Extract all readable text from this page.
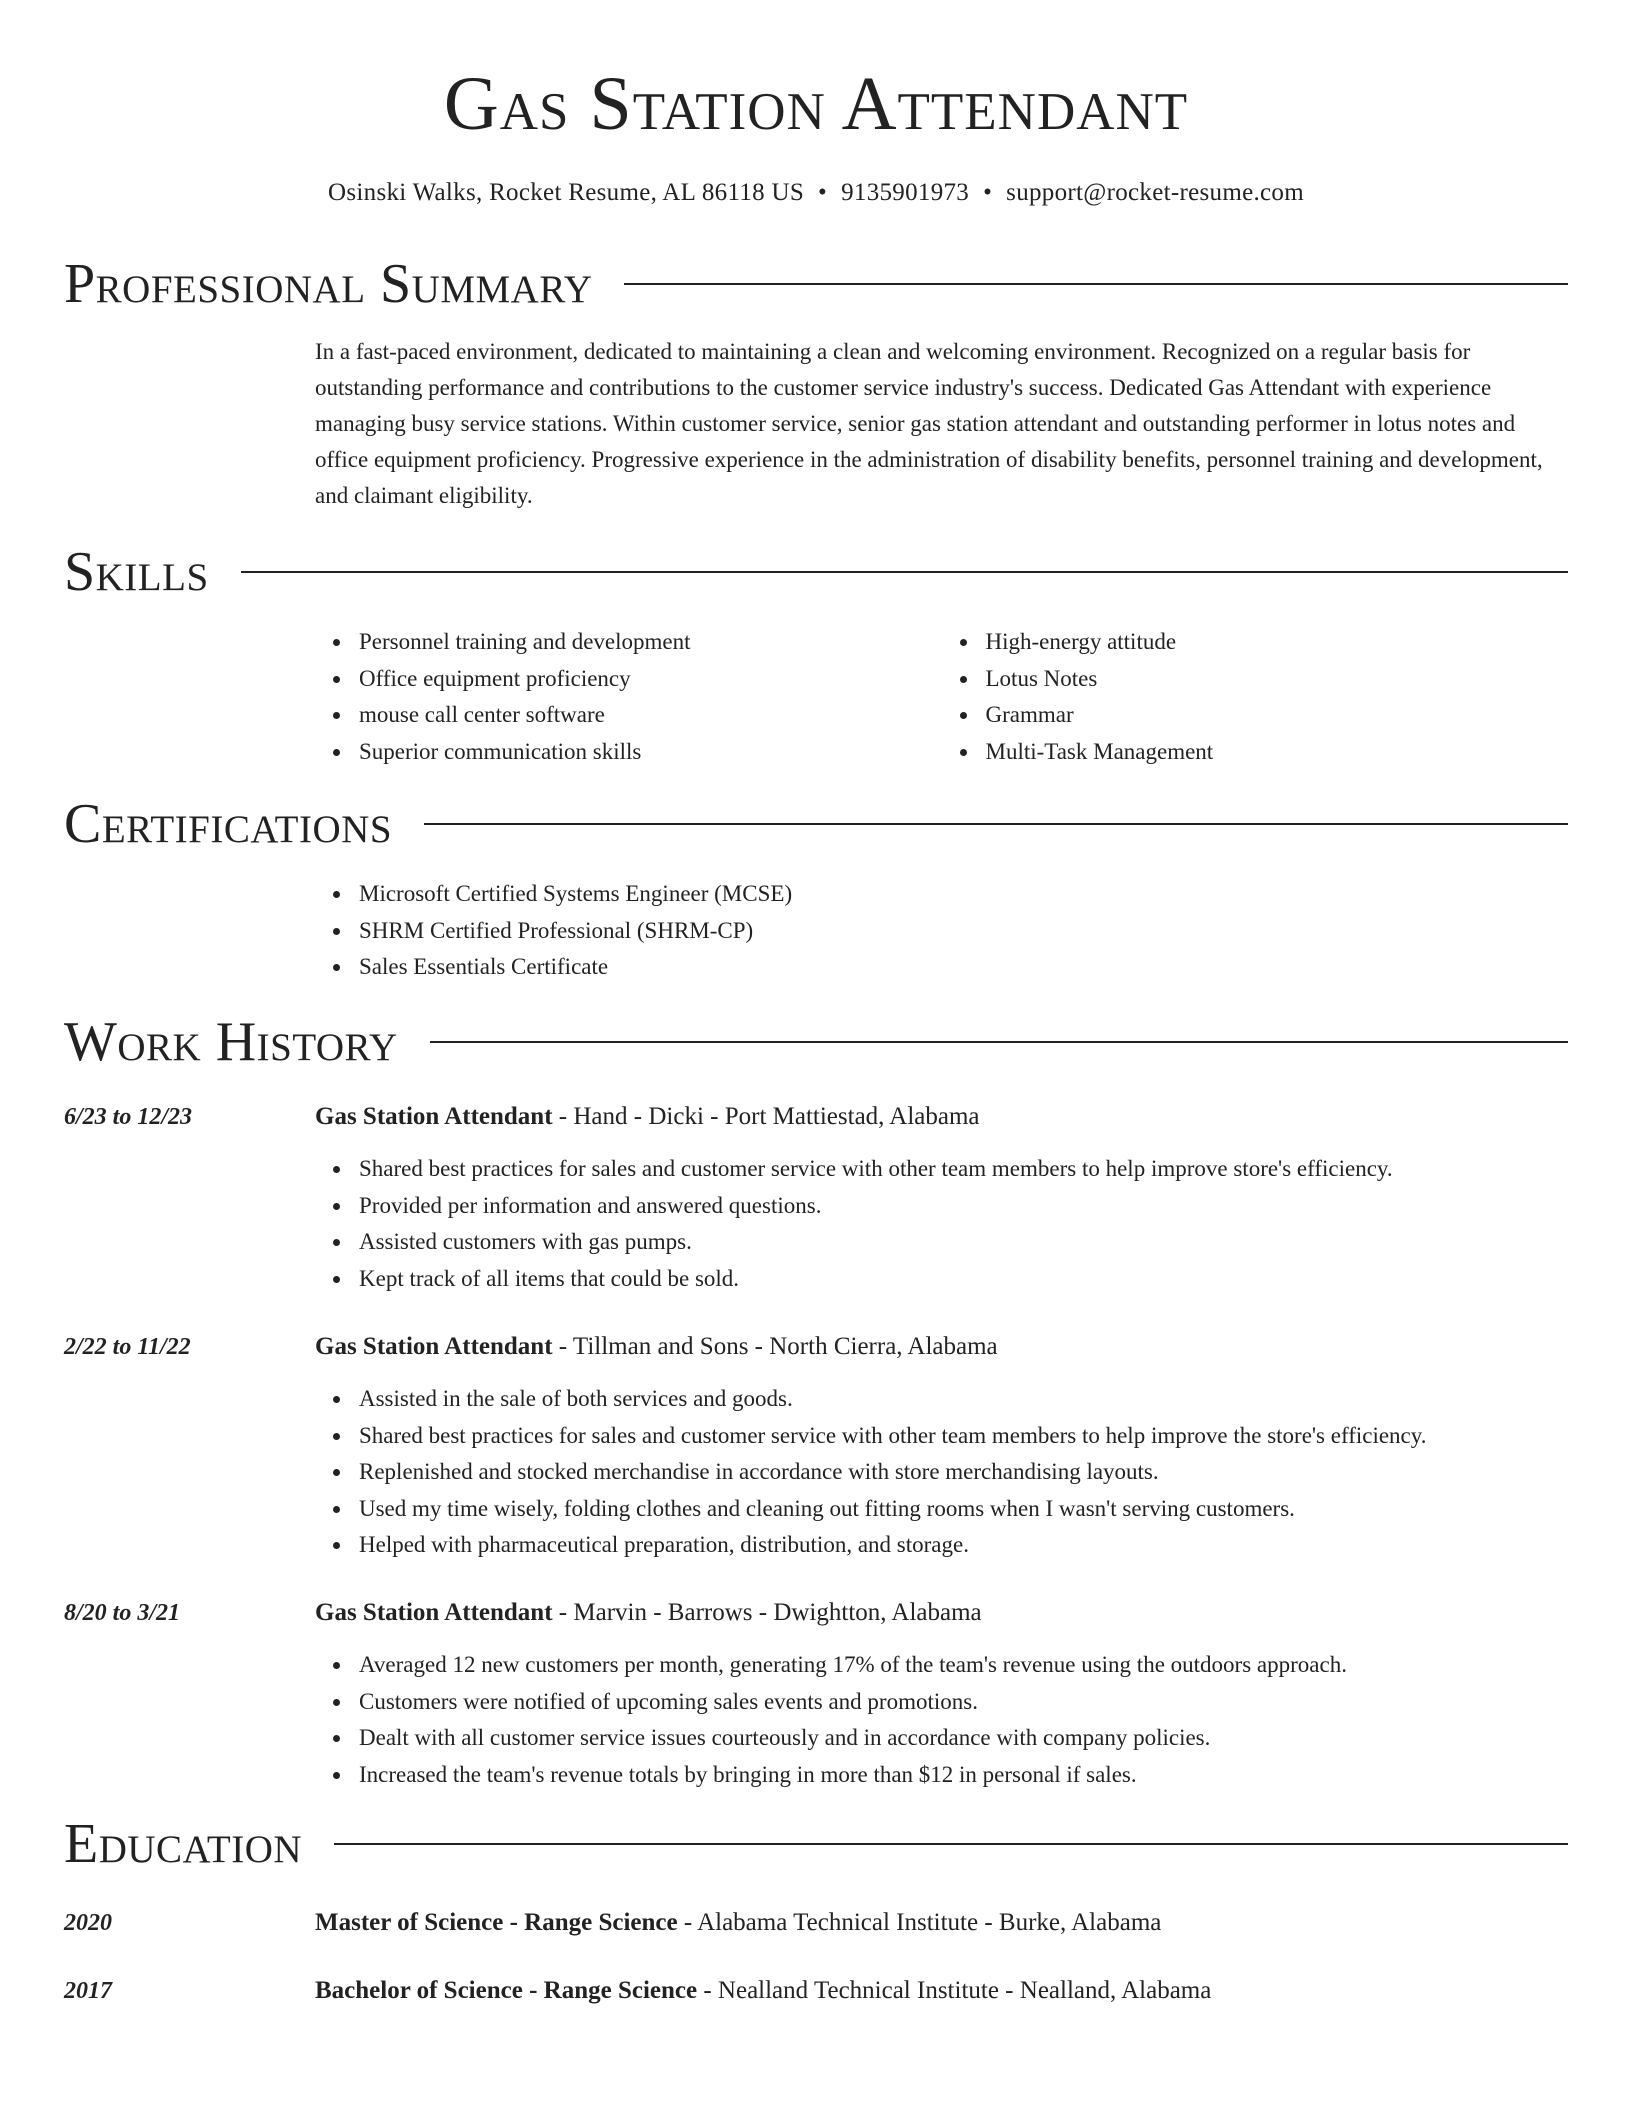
Gas Station Attendant
Osinski Walks, Rocket Resume, AL 86118 US • 9135901973 • support@rocket-resume.com
Professional Summary

In a fast-paced environment, dedicated to maintaining a clean and welcoming environment. Recognized on a regular basis for outstanding performance and contributions to the customer service industry's success. Dedicated Gas Attendant with experience managing busy service stations. Within customer service, senior gas station attendant and outstanding performer in lotus notes and office equipment proficiency. Progressive experience in the administration of disability benefits, personnel training and development, and claimant eligibility.

Skills
Personnel training and development
Office equipment proficiency
mouse call center software
Superior communication skills
High-energy attitude
Lotus Notes
Grammar
Multi-Task Management
Certifications
Microsoft Certified Systems Engineer (MCSE)
SHRM Certified Professional (SHRM-CP)
Sales Essentials Certificate
Work History
6/23 to 12/23	Gas Station Attendant - Hand - Dicki - Port Mattiestad, Alabama
Shared best practices for sales and customer service with other team members to help improve store's efficiency.
Provided per information and answered questions.
Assisted customers with gas pumps.
Kept track of all items that could be sold.
2/22 to 11/22	Gas Station Attendant - Tillman and Sons - North Cierra, Alabama
Assisted in the sale of both services and goods.
Shared best practices for sales and customer service with other team members to help improve the store's efficiency.
Replenished and stocked merchandise in accordance with store merchandising layouts.
Used my time wisely, folding clothes and cleaning out fitting rooms when I wasn't serving customers.
Helped with pharmaceutical preparation, distribution, and storage.
8/20 to 3/21	Gas Station Attendant - Marvin - Barrows - Dwightton, Alabama
Averaged 12 new customers per month, generating 17% of the team's revenue using the outdoors approach.
Customers were notified of upcoming sales events and promotions.
Dealt with all customer service issues courteously and in accordance with company policies.
Increased the team's revenue totals by bringing in more than $12 in personal if sales.
Education
2020	Master of Science - Range Science - Alabama Technical Institute - Burke, Alabama
2017	Bachelor of Science - Range Science - Nealland Technical Institute - Nealland, Alabama
